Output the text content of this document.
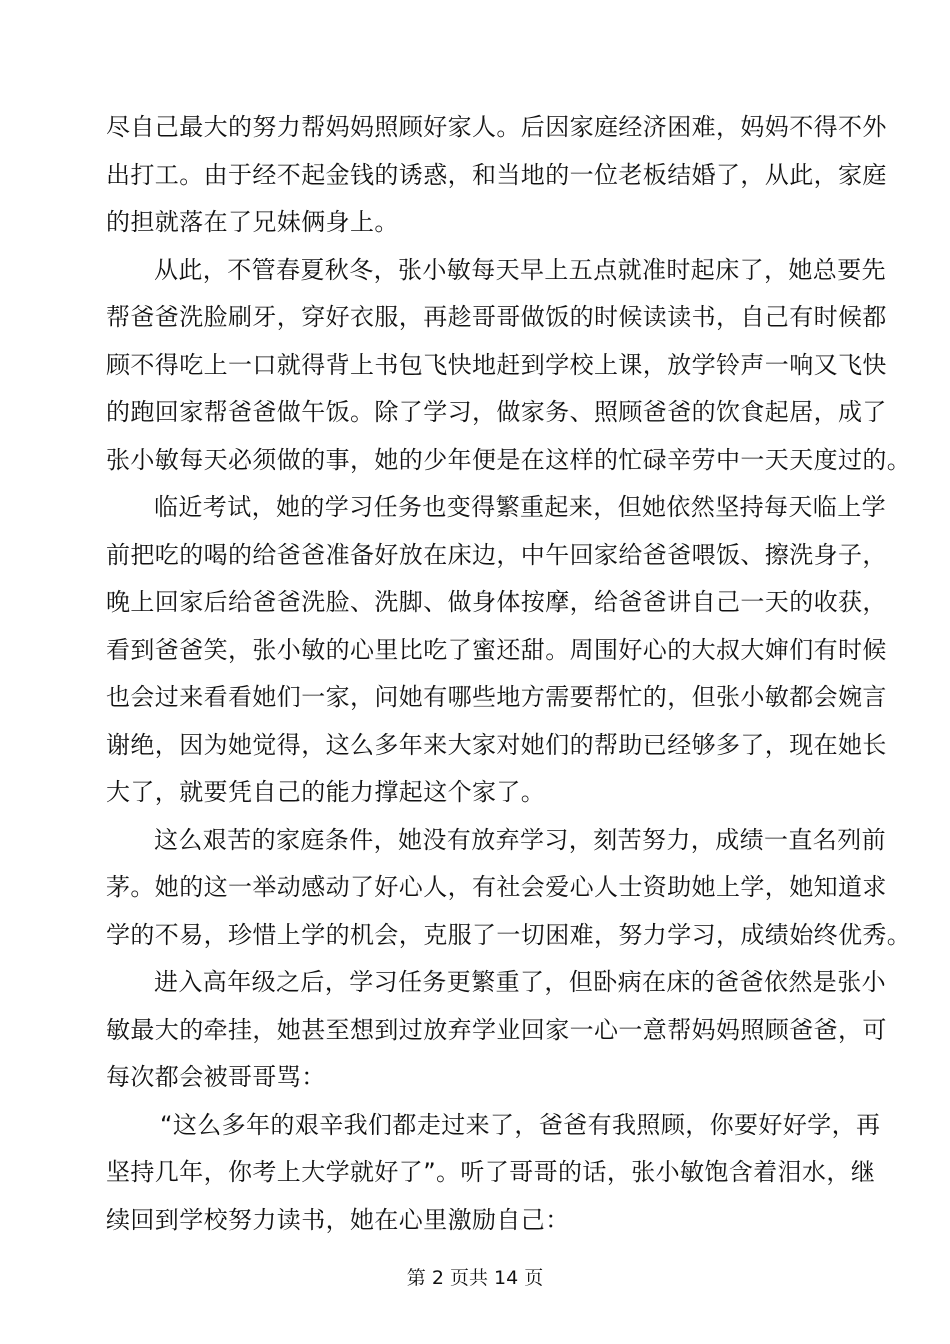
尽自己最大的努力帮妈妈照顾好家人。后因家庭经济困难，妈妈不得不外
出打工。由于经不起金钱的诱惑，和当地的一位老板结婚了，从此，家庭
的担就落在了兄妹俩身上。
从此，不管春夏秋冬，张小敏每天早上五点就准时起床了，她总要先
帮爸爸洗脸刷牙，穿好衣服，再趁哥哥做饭的时候读读书，自己有时候都
顾不得吃上一口就得背上书包飞快地赶到学校上课，放学铃声一响又飞快
的跑回家帮爸爸做午饭。除了学习，做家务、照顾爸爸的饮食起居，成了
张小敏每天必须做的事，她的少年便是在这样的忙碌辛劳中一天天度过的。
临近考试，她的学习任务也变得繁重起来，但她依然坚持每天临上学
前把吃的喝的给爸爸准备好放在床边，中午回家给爸爸喂饭、擦洗身子，
晚上回家后给爸爸洗脸、洗脚、做身体按摩，给爸爸讲自己一天的收获，
看到爸爸笑，张小敏的心里比吃了蜜还甜。周围好心的大叔大婶们有时候
也会过来看看她们一家，问她有哪些地方需要帮忙的，但张小敏都会婉言
谢绝，因为她觉得，这么多年来大家对她们的帮助已经够多了，现在她长
大了，就要凭自己的能力撑起这个家了。
这么艰苦的家庭条件，她没有放弃学习，刻苦努力，成绩一直名列前
茅。她的这一举动感动了好心人，有社会爱心人士资助她上学，她知道求
学的不易，珍惜上学的机会，克服了一切困难，努力学习，成绩始终优秀。
进入高年级之后，学习任务更繁重了，但卧病在床的爸爸依然是张小
敏最大的牵挂，她甚至想到过放弃学业回家一心一意帮妈妈照顾爸爸，可
每次都会被哥哥骂：
“这么多年的艰辛我们都走过来了，爸爸有我照顾，你要好好学，再
坚持几年，你考上大学就好了”。听了哥哥的话，张小敏饱含着泪水，继
续回到学校努力读书，她在心里激励自己：
第 2 页共 14 页
